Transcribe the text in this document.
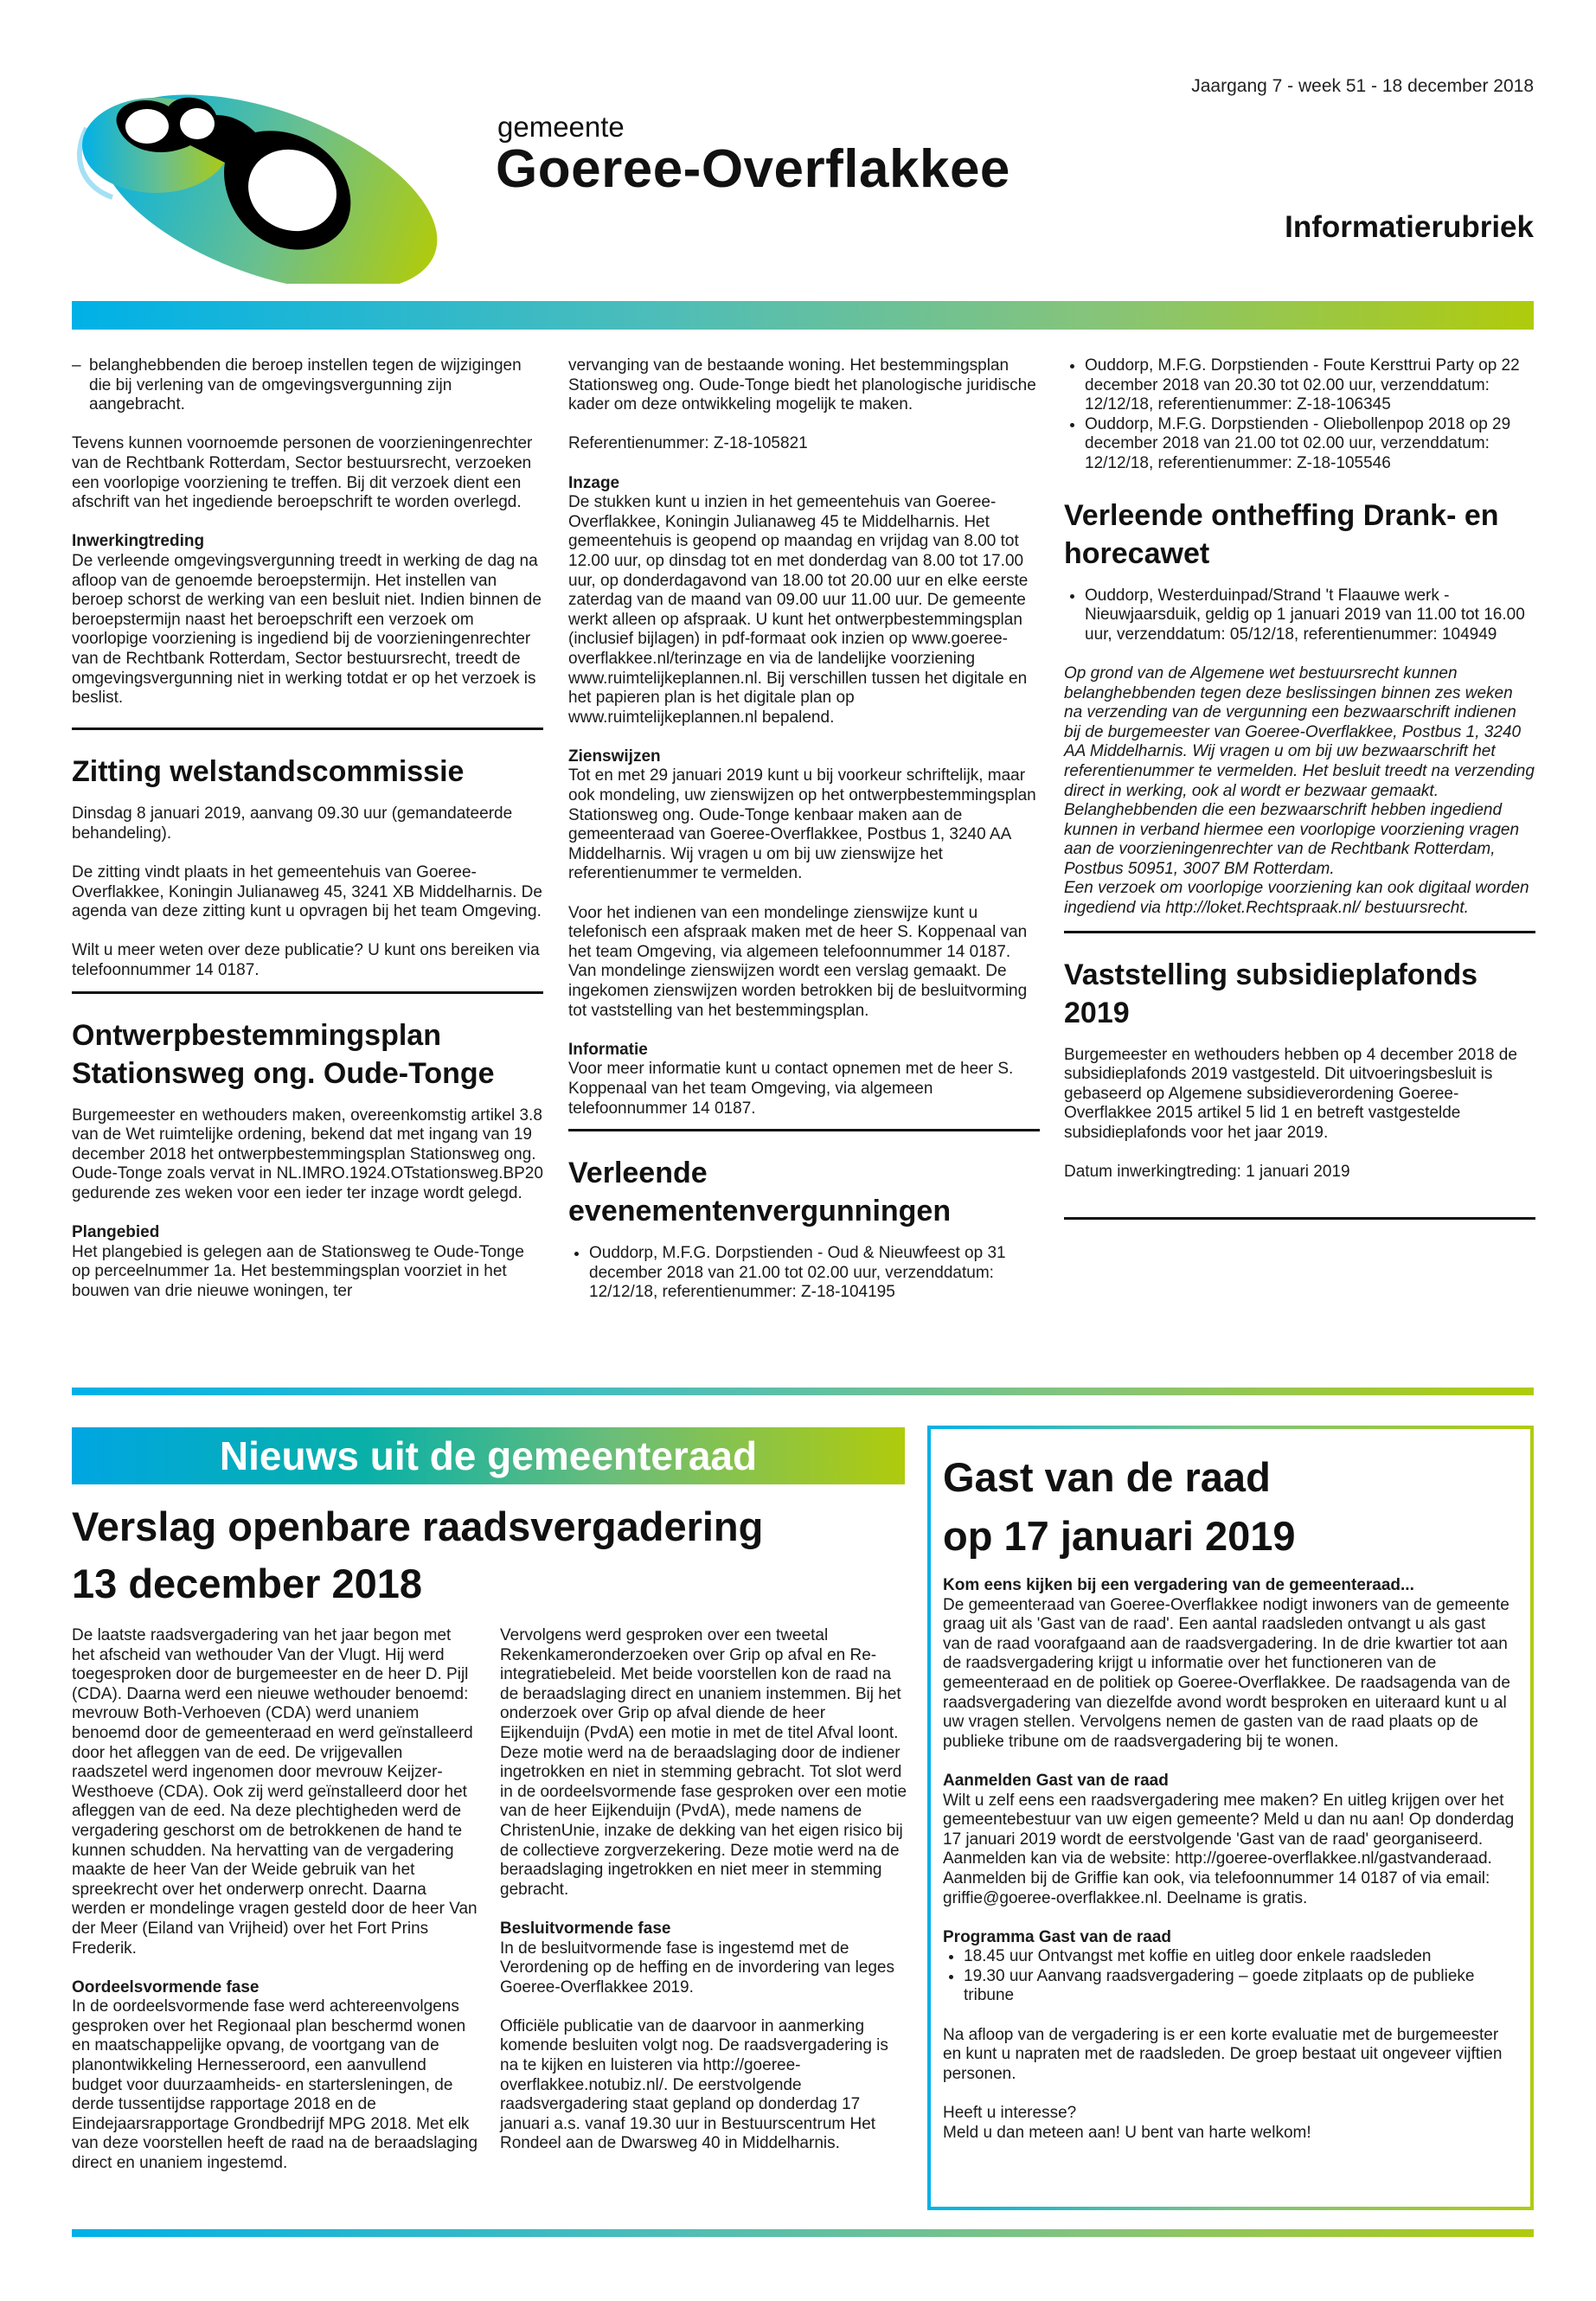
Jaargang 7 - week 51 - 18 december 2018
gemeente
Goeree-Overflakkee
Informatierubriek
– belanghebbenden die beroep instellen tegen de wijzigingen die bij verlening van de omgevingsvergunning zijn aangebracht.

Tevens kunnen voornoemde personen de voorzieningenrechter van de Rechtbank Rotterdam, Sector bestuursrecht, verzoeken een voorlopige voorziening te treffen. Bij dit verzoek dient een afschrift van het ingediende beroepschrift te worden overlegd.

Inwerkingtreding

De verleende omgevingsvergunning treedt in werking de dag na afloop van de genoemde beroepstermijn. Het instellen van beroep schorst de werking van een besluit niet. Indien binnen de beroepstermijn naast het beroepschrift een verzoek om voorlopige voorziening is ingediend bij de voorzieningenrechter van de Rechtbank Rotterdam, Sector bestuursrecht, treedt de omgevingsvergunning niet in werking totdat er op het verzoek is beslist.

Zitting welstandscommissie

Dinsdag 8 januari 2019, aanvang 09.30 uur (gemandateerde behandeling).

De zitting vindt plaats in het gemeentehuis van Goeree-Overflakkee, Koningin Julianaweg 45, 3241 XB Middelharnis. De agenda van deze zitting kunt u opvragen bij het team Omgeving.

Wilt u meer weten over deze publicatie? U kunt ons bereiken via telefoonnummer 14 0187.

Ontwerpbestemmingsplan Stationsweg ong. Oude-Tonge

Burgemeester en wethouders maken, overeenkomstig artikel 3.8 van de Wet ruimtelijke ordening, bekend dat met ingang van 19 december 2018 het ontwerpbestemmingsplan Stationsweg ong. Oude-Tonge zoals vervat in NL.IMRO.1924.OTstationsweg.BP20 gedurende zes weken voor een ieder ter inzage wordt gelegd.

Plangebied

Het plangebied is gelegen aan de Stationsweg te Oude-Tonge op perceelnummer 1a. Het bestemmingsplan voorziet in het bouwen van drie nieuwe woningen, ter

vervanging van de bestaande woning. Het bestemmingsplan Stationsweg ong. Oude-Tonge biedt het planologische juridische kader om deze ontwikkeling mogelijk te maken.

Referentienummer: Z-18-105821

Inzage

De stukken kunt u inzien in het gemeentehuis van Goeree-Overflakkee, Koningin Julianaweg 45 te Middelharnis. Het gemeentehuis is geopend op maandag en vrijdag van 8.00 tot 12.00 uur, op dinsdag tot en met donderdag van 8.00 tot 17.00 uur, op donderdagavond van 18.00 tot 20.00 uur en elke eerste zaterdag van de maand van 09.00 uur 11.00 uur. De gemeente werkt alleen op afspraak. U kunt het ontwerpbestemmingsplan (inclusief bijlagen) in pdf-formaat ook inzien op www.goeree-overflakkee.nl/terinzage en via de landelijke voorziening www.ruimtelijkeplannen.nl. Bij verschillen tussen het digitale en het papieren plan is het digitale plan op www.ruimtelijkeplannen.nl bepalend.

Zienswijzen

Tot en met 29 januari 2019 kunt u bij voorkeur schriftelijk, maar ook mondeling, uw zienswijzen op het ontwerpbestemmingsplan Stationsweg ong. Oude-Tonge kenbaar maken aan de gemeenteraad van Goeree-Overflakkee, Postbus 1, 3240 AA Middelharnis. Wij vragen u om bij uw zienswijze het referentienummer te vermelden.

Voor het indienen van een mondelinge zienswijze kunt u telefonisch een afspraak maken met de heer S. Koppenaal van het team Omgeving, via algemeen telefoonnummer 14 0187. Van mondelinge zienswijzen wordt een verslag gemaakt. De ingekomen zienswijzen worden betrokken bij de besluitvorming tot vaststelling van het bestemmingsplan.

Informatie

Voor meer informatie kunt u contact opnemen met de heer S. Koppenaal van het team Omgeving, via algemeen telefoonnummer 14 0187.

Verleende evenementenvergunningen
• Ouddorp, M.F.G. Dorpstienden - Oud & Nieuwfeest op 31 december 2018 van 21.00 tot 02.00 uur, verzenddatum: 12/12/18, referentienummer: Z-18-104195
• Ouddorp, M.F.G. Dorpstienden - Foute Kersttrui Party op 22 december 2018 van 20.30 tot 02.00 uur, verzenddatum: 12/12/18, referentienummer: Z-18-106345
• Ouddorp, M.F.G. Dorpstienden - Oliebollenpop 2018 op 29 december 2018 van 21.00 tot 02.00 uur, verzenddatum: 12/12/18, referentienummer: Z-18-105546
Verleende ontheffing Drank- en horecawet
• Ouddorp, Westerduinpad/Strand 't Flaauwe werk - Nieuwjaarsduik, geldig op 1 januari 2019 van 11.00 tot 16.00 uur, verzenddatum: 05/12/18, referentienummer: 104949

Op grond van de Algemene wet bestuursrecht kunnen belanghebbenden tegen deze beslissingen binnen zes weken na verzending van de vergunning een bezwaarschrift indienen bij de burgemeester van Goeree-Overflakkee, Postbus 1, 3240 AA Middelharnis. Wij vragen u om bij uw bezwaarschrift het referentienummer te vermelden. Het besluit treedt na verzending direct in werking, ook al wordt er bezwaar gemaakt. Belanghebbenden die een bezwaarschrift hebben ingediend kunnen in verband hiermee een voorlopige voorziening vragen aan de voorzieningenrechter van de Rechtbank Rotterdam, Postbus 50951, 3007 BM Rotterdam.

Een verzoek om voorlopige voorziening kan ook digitaal worden ingediend via http://loket.Rechtspraak.nl/ bestuursrecht.

Vaststelling subsidieplafonds 2019

Burgemeester en wethouders hebben op 4 december 2018 de subsidieplafonds 2019 vastgesteld. Dit uitvoeringsbesluit is gebaseerd op Algemene subsidieverordening Goeree-Overflakkee 2015 artikel 5 lid 1 en betreft vastgestelde subsidieplafonds voor het jaar 2019.

Datum inwerkingtreding: 1 januari 2019

Nieuws uit de gemeenteraad
Verslag openbare raadsvergadering
13 december 2018

De laatste raadsvergadering van het jaar begon met het afscheid van wethouder Van der Vlugt. Hij werd toegesproken door de burgemeester en de heer D. Pijl (CDA). Daarna werd een nieuwe wethouder benoemd: mevrouw Both-Verhoeven (CDA) werd unaniem benoemd door de gemeenteraad en werd geïnstalleerd door het afleggen van de eed. De vrijgevallen raadszetel werd ingenomen door mevrouw Keijzer-Westhoeve (CDA). Ook zij werd geïnstalleerd door het afleggen van de eed. Na deze plechtigheden werd de vergadering geschorst om de betrokkenen de hand te kunnen schudden. Na hervatting van de vergadering maakte de heer Van der Weide gebruik van het spreekrecht over het onderwerp onrecht. Daarna werden er mondelinge vragen gesteld door de heer Van der Meer (Eiland van Vrijheid) over het Fort Prins Frederik.

Oordeelsvormende fase

In de oordeelsvormende fase werd achtereenvolgens gesproken over het Regionaal plan beschermd wonen en maatschappelijke opvang, de voortgang van de planontwikkeling Hernesseroord, een aanvullend budget voor duurzaamheids- en startersleningen, de derde tussentijdse rapportage 2018 en de Eindejaarsrapportage Grondbedrijf MPG 2018. Met elk van deze voorstellen heeft de raad na de beraadslaging direct en unaniem ingestemd.

Vervolgens werd gesproken over een tweetal Rekenkameronderzoeken over Grip op afval en Re-integratiebeleid. Met beide voorstellen kon de raad na de beraadslaging direct en unaniem instemmen. Bij het onderzoek over Grip op afval diende de heer Eijkenduijn (PvdA) een motie in met de titel Afval loont. Deze motie werd na de beraadslaging door de indiener ingetrokken en niet in stemming gebracht. Tot slot werd in de oordeelsvormende fase gesproken over een motie van de heer Eijkenduijn (PvdA), mede namens de ChristenUnie, inzake de dekking van het eigen risico bij de collectieve zorgverzekering. Deze motie werd na de beraadslaging ingetrokken en niet meer in stemming gebracht.

Besluitvormende fase

In de besluitvormende fase is ingestemd met de Verordening op de heffing en de invordering van leges Goeree-Overflakkee 2019.

Officiële publicatie van de daarvoor in aanmerking komende besluiten volgt nog. De raadsvergadering is na te kijken en luisteren via http://goeree-overflakkee.notubiz.nl/. De eerstvolgende raadsvergadering staat gepland op donderdag 17 januari a.s. vanaf 19.30 uur in Bestuurscentrum Het Rondeel aan de Dwarsweg 40 in Middelharnis.

Gast van de raad
op 17 januari 2019
Kom eens kijken bij een vergadering van de gemeenteraad...

De gemeenteraad van Goeree-Overflakkee nodigt inwoners van de gemeente graag uit als 'Gast van de raad'. Een aantal raadsleden ontvangt u als gast van de raad voorafgaand aan de raadsvergadering. In de drie kwartier tot aan de raadsvergadering krijgt u informatie over het functioneren van de gemeenteraad en de politiek op Goeree-Overflakkee. De raadsagenda van de raadsvergadering van diezelfde avond wordt besproken en uiteraard kunt u al uw vragen stellen. Vervolgens nemen de gasten van de raad plaats op de publieke tribune om de raadsvergadering bij te wonen.

Aanmelden Gast van de raad

Wilt u zelf eens een raadsvergadering mee maken? En uitleg krijgen over het gemeentebestuur van uw eigen gemeente? Meld u dan nu aan! Op donderdag 17 januari 2019 wordt de eerstvolgende 'Gast van de raad' georganiseerd. Aanmelden kan via de website: http://goeree-overflakkee.nl/gastvanderaad. Aanmelden bij de Griffie kan ook, via telefoonnummer 14 0187 of via email: griffie@goeree-overflakkee.nl. Deelname is gratis.

Programma Gast van de raad
• 18.45 uur Ontvangst met koffie en uitleg door enkele raadsleden
• 19.30 uur Aanvang raadsvergadering – goede zitplaats op de publieke tribune

Na afloop van de vergadering is er een korte evaluatie met de burgemeester en kunt u napraten met de raadsleden. De groep bestaat uit ongeveer vijftien personen.

Heeft u interesse?
Meld u dan meteen aan! U bent van harte welkom!
